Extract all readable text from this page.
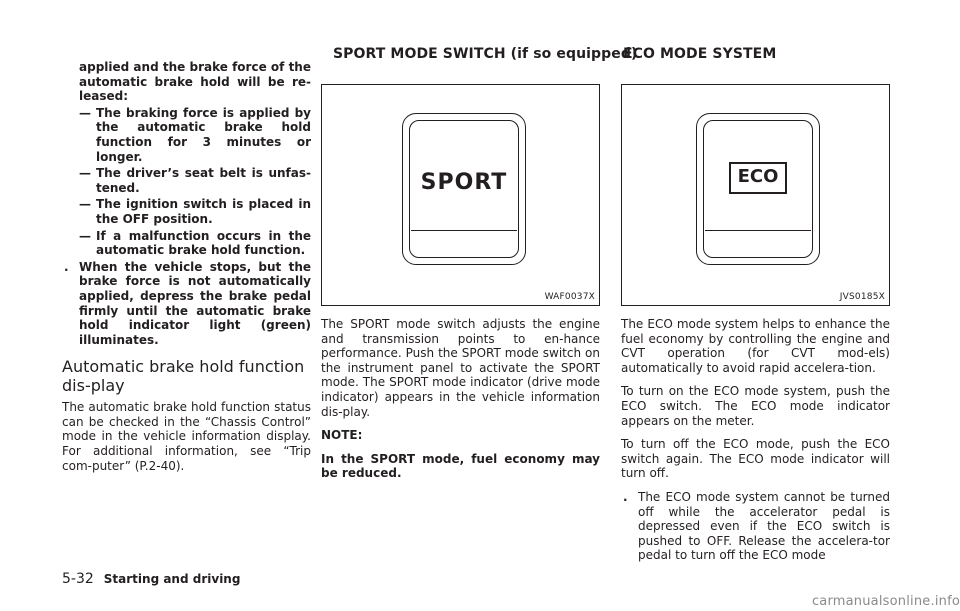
SPORT MODE SWITCH (if so equipped)
ECO MODE SYSTEM
applied and the brake force of the automatic brake hold will be re-leased:
— The braking force is applied by the automatic brake hold function for 3 minutes or longer.
— The driver’s seat belt is unfas-tened.
— The ignition switch is placed in the OFF position.
— If a malfunction occurs in the automatic brake hold function.
. When the vehicle stops, but the brake force is not automatically applied, depress the brake pedal firmly until the automatic brake hold indicator light (green) illuminates.
Automatic brake hold function dis-play

The automatic brake hold function status can be checked in the “Chassis Control” mode in the vehicle information display. For additional information, see “Trip com-puter” (P.2-40).

SPORT
WAF0037X

The SPORT mode switch adjusts the engine and transmission points to en-hance performance. Push the SPORT mode switch on the instrument panel to activate the SPORT mode. The SPORT mode indicator (drive mode indicator) appears in the vehicle information dis-play.

NOTE:

In the SPORT mode, fuel economy may be reduced.

ECO
JVS0185X

The ECO mode system helps to enhance the fuel economy by controlling the engine and CVT operation (for CVT mod-els) automatically to avoid rapid accelera-tion.

To turn on the ECO mode system, push the ECO switch. The ECO mode indicator appears on the meter.

To turn off the ECO mode, push the ECO switch again. The ECO mode indicator will turn off.

. The ECO mode system cannot be turned off while the accelerator pedal is depressed even if the ECO switch is pushed to OFF. Release the accelera-tor pedal to turn off the ECO mode
5-32 Starting and driving
carmanualsonline.info
